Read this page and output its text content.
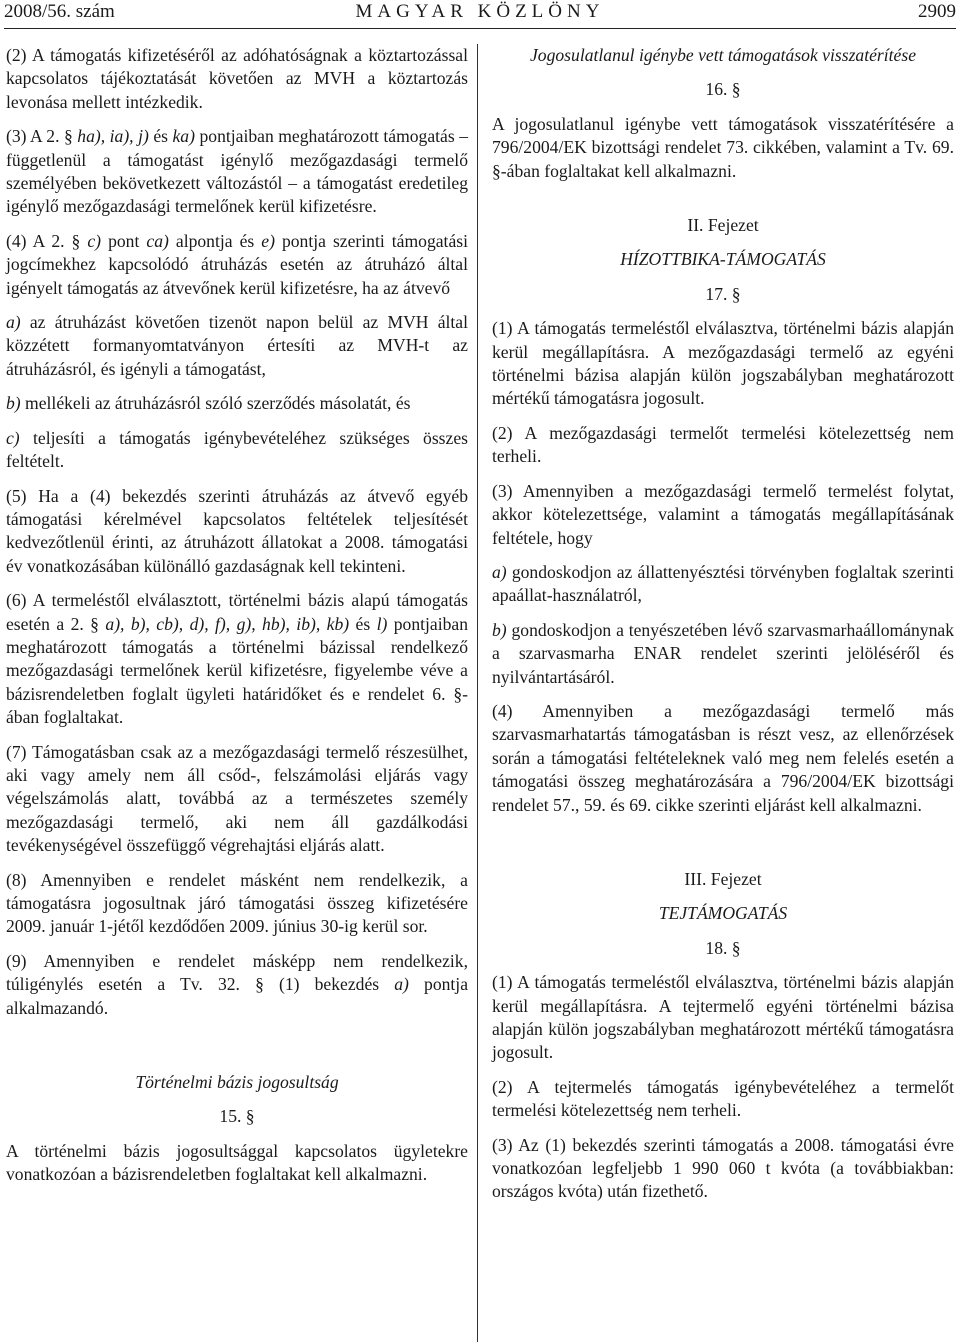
2008/56. szám	MAGYAR KÖZLÖNY	2909

(2) A támogatás kifizetéséről az adóhatóságnak a köztartozással kapcsolatos tájékoztatását követően az MVH a köztartozás levonása mellett intézkedik.

(3) A 2. § ha), ia), j) és ka) pontjaiban meghatározott támogatás – függetlenül a támogatást igénylő mezőgazdasági termelő személyében bekövetkezett változástól – a támogatást eredetileg igénylő mezőgazdasági termelőnek kerül kifizetésre.

(4) A 2. § c) pont ca) alpontja és e) pontja szerinti támogatási jogcímekhez kapcsolódó átruházás esetén az átruházó által igényelt támogatás az átvevőnek kerül kifizetésre, ha az átvevő

a) az átruházást követően tizenöt napon belül az MVH által közzétett formanyomtatványon értesíti az MVH-t az átruházásról, és igényli a támogatást,

b) mellékeli az átruházásról szóló szerződés másolatát, és

c) teljesíti a támogatás igénybevételéhez szükséges összes feltételt.

(5) Ha a (4) bekezdés szerinti átruházás az átvevő egyéb támogatási kérelmével kapcsolatos feltételek teljesítését kedvezőtlenül érinti, az átruházott állatokat a 2008. támogatási év vonatkozásában különálló gazdaságnak kell tekinteni.

(6) A termeléstől elválasztott, történelmi bázis alapú támogatás esetén a 2. § a), b), cb), d), f), g), hb), ib), kb) és l) pontjaiban meghatározott támogatás a történelmi bázissal rendelkező mezőgazdasági termelőnek kerül kifizetésre, figyelembe véve a bázisrendeletben foglalt ügyleti határidőket és e rendelet 6. §-ában foglaltakat.

(7) Támogatásban csak az a mezőgazdasági termelő részesülhet, aki vagy amely nem áll csőd-, felszámolási eljárás vagy végelszámolás alatt, továbbá az a természetes személy mezőgazdasági termelő, aki nem áll gazdálkodási tevékenységével összefüggő végrehajtási eljárás alatt.

(8) Amennyiben e rendelet másként nem rendelkezik, a támogatásra jogosultnak járó támogatási összeg kifizetésére 2009. január 1-jétől kezdődően 2009. június 30-ig kerül sor.

(9) Amennyiben e rendelet másképp nem rendelkezik, túligénylés esetén a Tv. 32. § (1) bekezdés a) pontja alkalmazandó.

Történelmi bázis jogosultság

15. §

A történelmi bázis jogosultsággal kapcsolatos ügyletekre vonatkozóan a bázisrendeletben foglaltakat kell alkalmazni.

Jogosulatlanul igénybe vett támogatások visszatérítése

16. §

A jogosulatlanul igénybe vett támogatások visszatérítésére a 796/2004/EK bizottsági rendelet 73. cikkében, valamint a Tv. 69. §-ában foglaltakat kell alkalmazni.

II. Fejezet

HÍZOTTBIKA-TÁMOGATÁS

17. §

(1) A támogatás termeléstől elválasztva, történelmi bázis alapján kerül megállapításra. A mezőgazdasági termelő az egyéni történelmi bázisa alapján külön jogszabályban meghatározott mértékű támogatásra jogosult.

(2) A mezőgazdasági termelőt termelési kötelezettség nem terheli.

(3) Amennyiben a mezőgazdasági termelő termelést folytat, akkor kötelezettsége, valamint a támogatás megállapításának feltétele, hogy

a) gondoskodjon az állattenyésztési törvényben foglaltak szerinti apaállat-használatról,

b) gondoskodjon a tenyészetében lévő szarvasmarhaállománynak a szarvasmarha ENAR rendelet szerinti jelöléséről és nyilvántartásáról.

(4) Amennyiben a mezőgazdasági termelő más szarvasmarhatartás támogatásban is részt vesz, az ellenőrzések során a támogatási feltételeknek való meg nem felelés esetén a támogatási összeg meghatározására a 796/2004/EK bizottsági rendelet 57., 59. és 69. cikke szerinti eljárást kell alkalmazni.

III. Fejezet

TEJTÁMOGATÁS

18. §

(1) A támogatás termeléstől elválasztva, történelmi bázis alapján kerül megállapításra. A tejtermelő egyéni történelmi bázisa alapján külön jogszabályban meghatározott mértékű támogatásra jogosult.

(2) A tejtermelés támogatás igénybevételéhez a termelőt termelési kötelezettség nem terheli.

(3) Az (1) bekezdés szerinti támogatás a 2008. támogatási évre vonatkozóan legfeljebb 1 990 060 t kvóta (a továbbiakban: országos kvóta) után fizethető.
